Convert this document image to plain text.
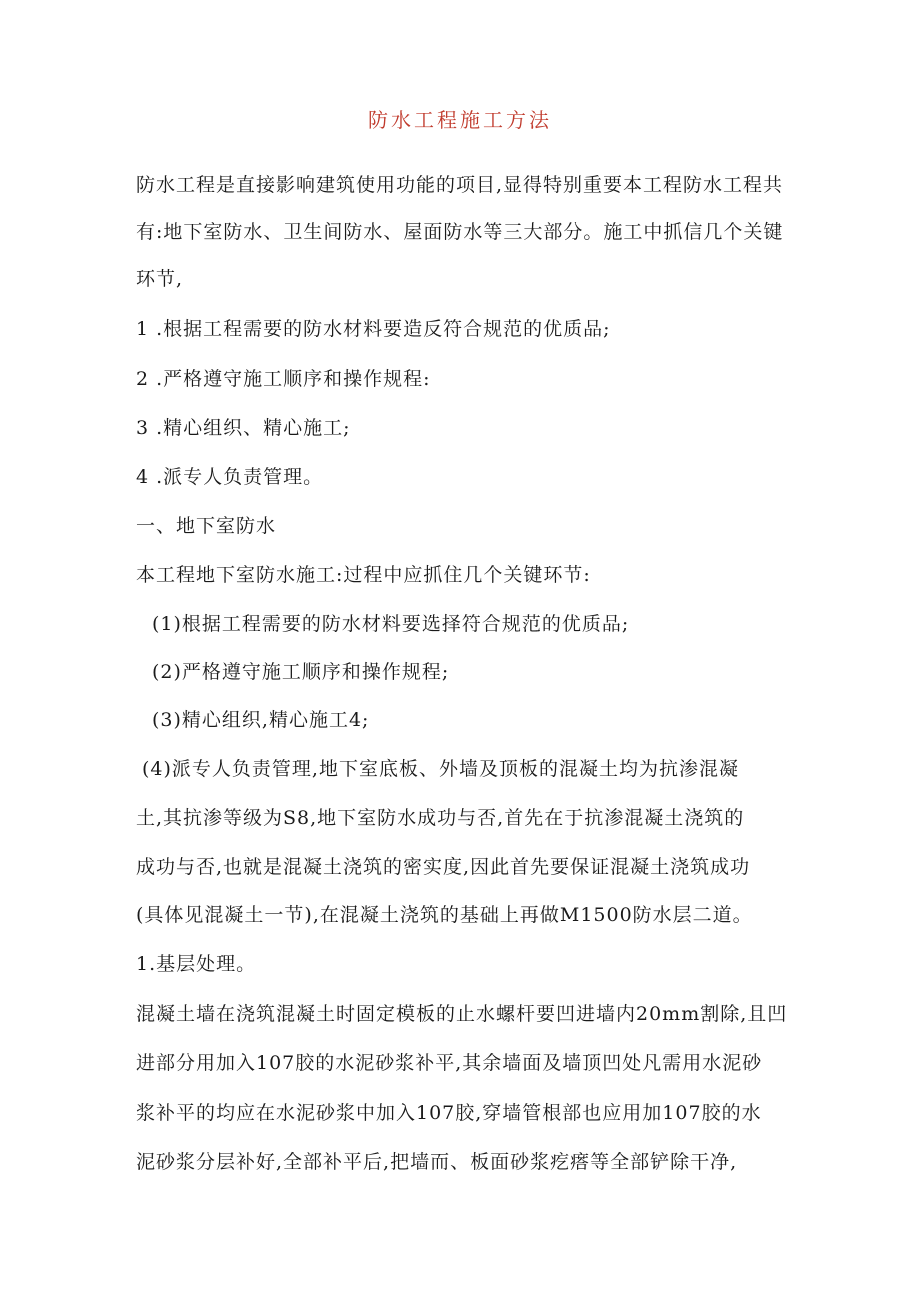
防水工程施工方法
防水工程是直接影响建筑使用功能的项目,显得特别重要本工程防水工程共
有:地下室防水、卫生间防水、屋面防水等三大部分。施工中抓信几个关键
环节,
1 .根据工程需要的防水材料要造反符合规范的优质品;
2 .严格遵守施工顺序和操作规程:
3 .精心组织、精心施工;
4 .派专人负责管理。
一、地下室防水
本工程地下室防水施工:过程中应抓住几个关键环节:
(1)根据工程需要的防水材料要选择符合规范的优质品;
(2)严格遵守施工顺序和操作规程;
(3)精心组织,精心施工4;
(4)派专人负责管理,地下室底板、外墙及顶板的混凝土均为抗渗混凝
土,其抗渗等级为S8,地下室防水成功与否,首先在于抗渗混凝土浇筑的
成功与否,也就是混凝土浇筑的密实度,因此首先要保证混凝土浇筑成功
(具体见混凝土一节),在混凝土浇筑的基础上再做M1500防水层二道。
1.基层处理。
混凝土墙在浇筑混凝土时固定模板的止水螺杆要凹进墙内20mm割除,且凹
进部分用加入107胶的水泥砂浆补平,其余墙面及墙顶凹处凡需用水泥砂
浆补平的均应在水泥砂浆中加入107胶,穿墙管根部也应用加107胶的水
泥砂浆分层补好,全部补平后,把墙而、板面砂浆疙瘩等全部铲除干净,
